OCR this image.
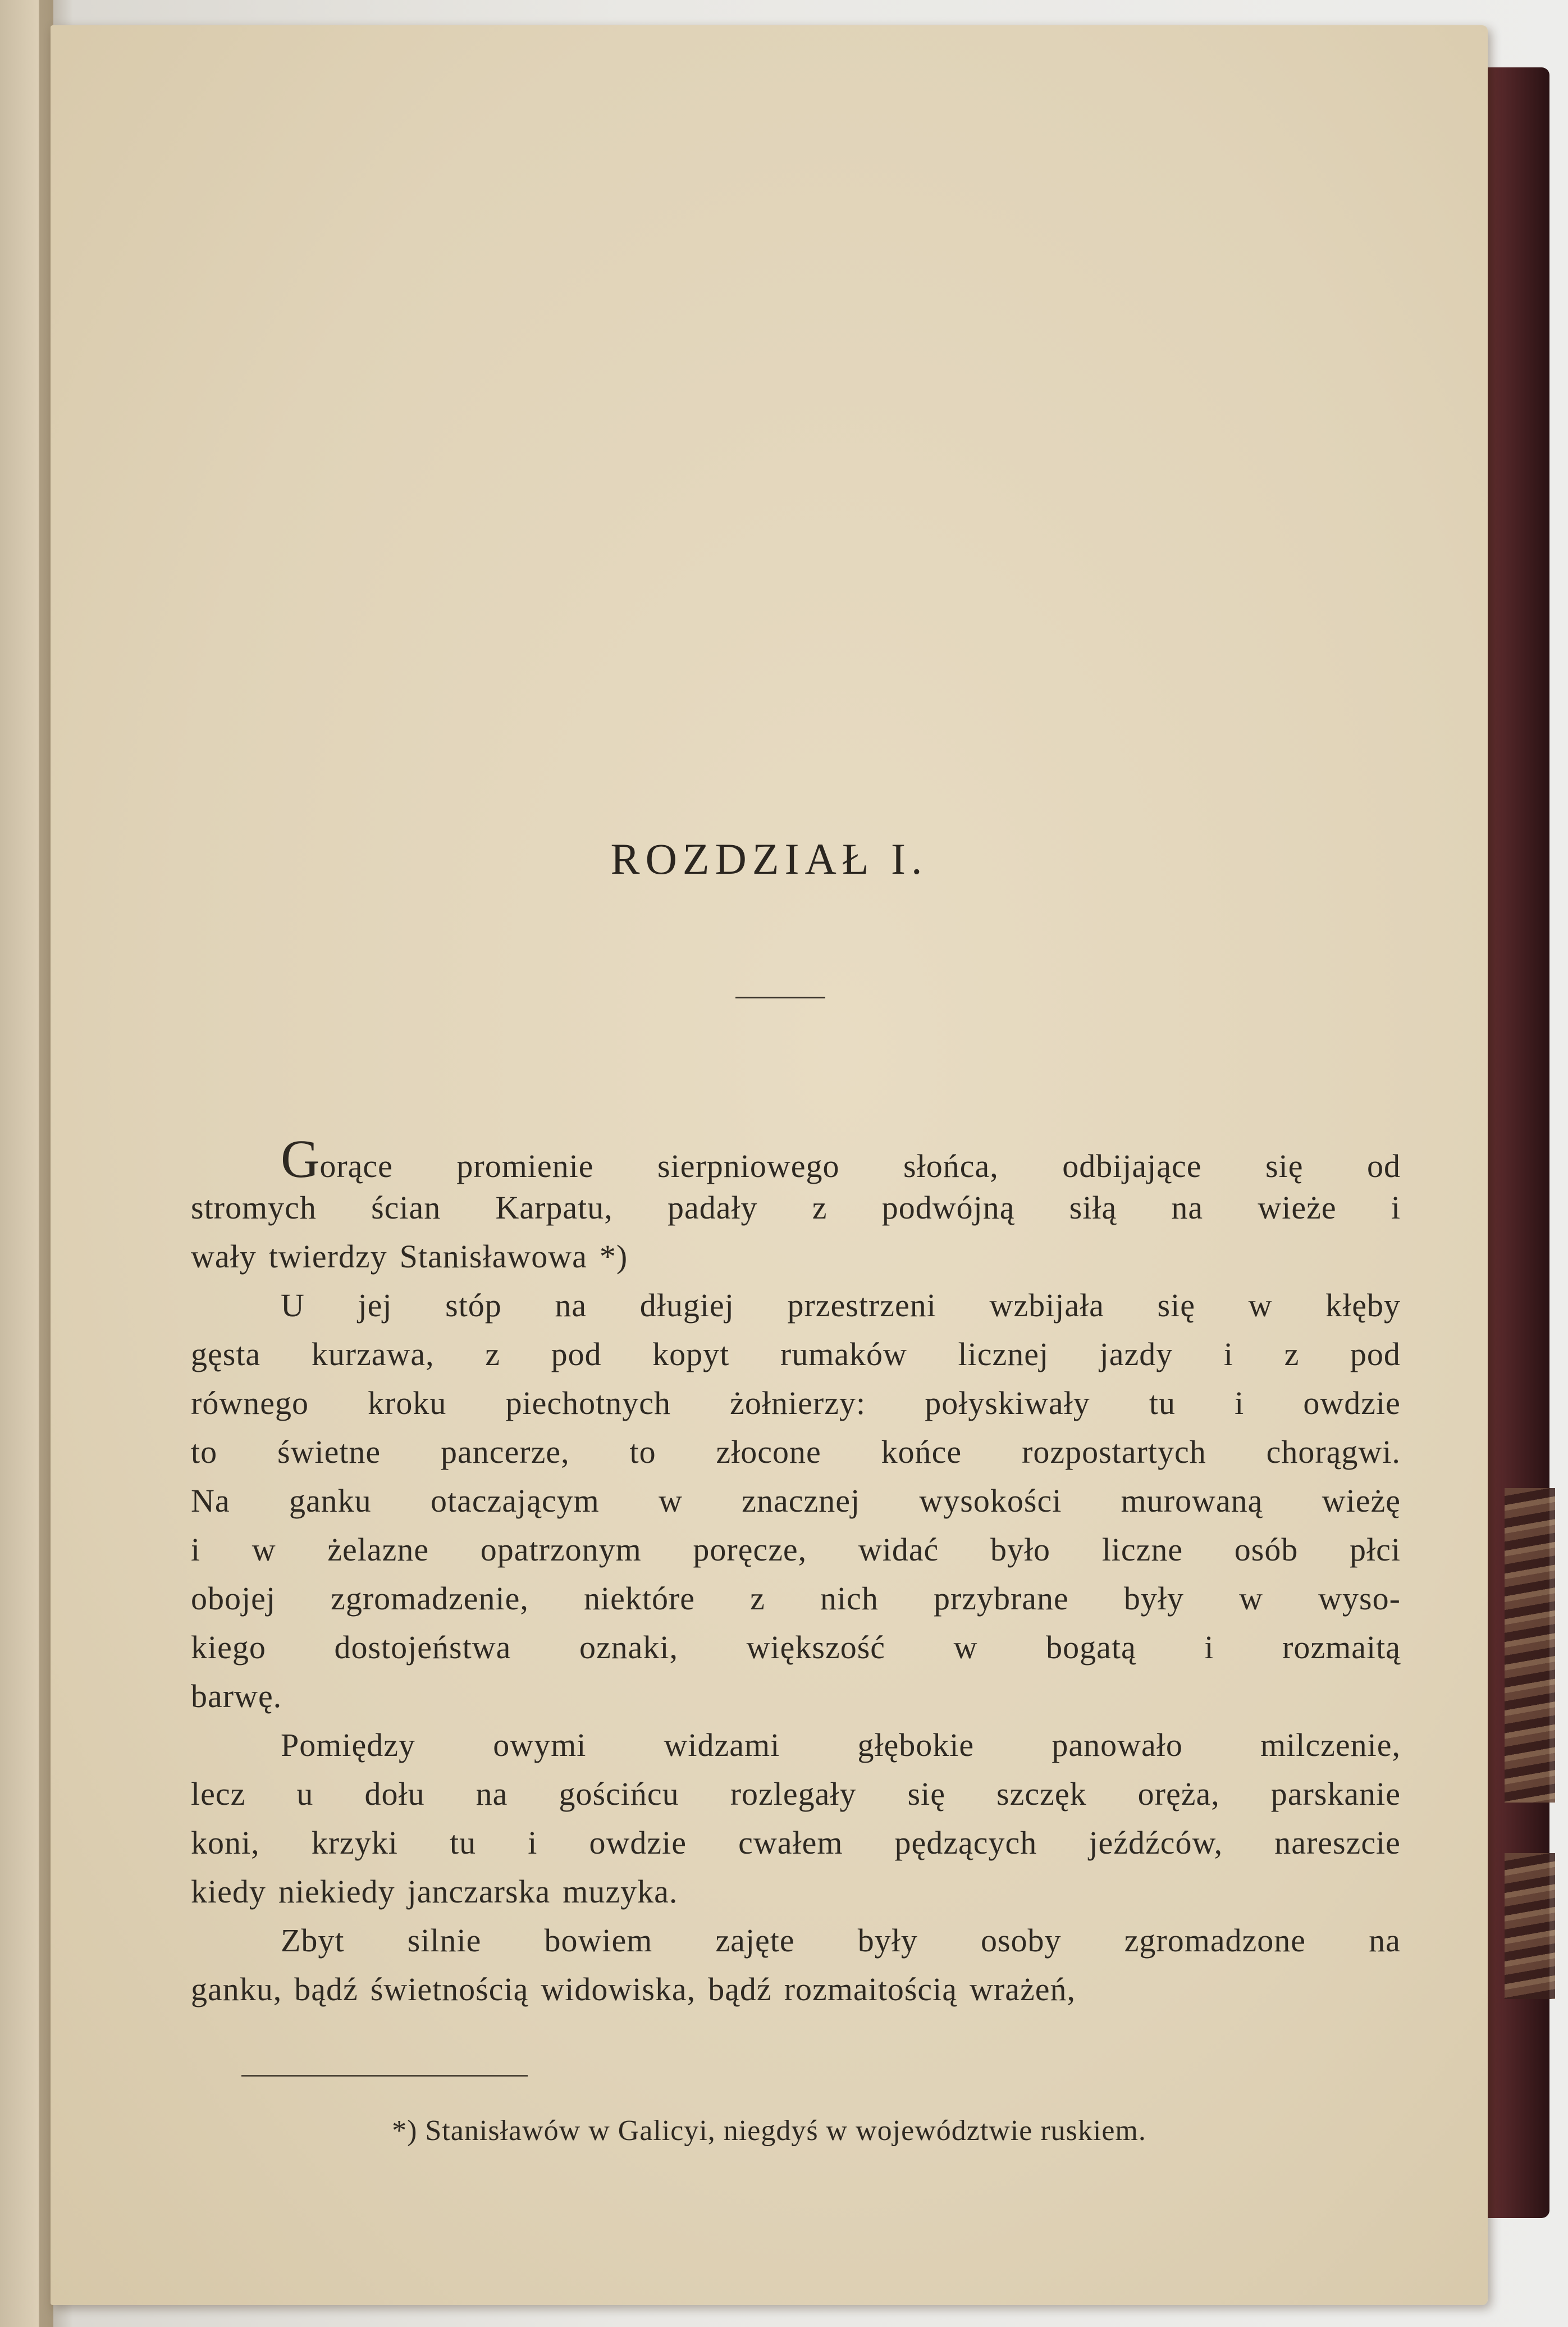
ROZDZIAŁ I.
Gorące promienie sierpniowego słońca, odbijające się od
stromych ścian Karpatu, padały z podwójną siłą na wieże i
wały twierdzy Stanisławowa *)
U jej stóp na długiej przestrzeni wzbijała się w kłęby
gęsta kurzawa, z pod kopyt rumaków licznej jazdy i z pod
równego kroku piechotnych żołnierzy: połyskiwały tu i owdzie
to świetne pancerze, to złocone końce rozpostartych chorągwi.
Na ganku otaczającym w znacznej wysokości murowaną wieżę
i w żelazne opatrzonym poręcze, widać było liczne osób płci
obojej zgromadzenie, niektóre z nich przybrane były w wyso-
kiego dostojeństwa oznaki, większość w bogatą i rozmaitą
barwę.
Pomiędzy owymi widzami głębokie panowało milczenie,
lecz u dołu na gościńcu rozlegały się szczęk oręża, parskanie
koni, krzyki tu i owdzie cwałem pędzących jeźdźców, nareszcie
kiedy niekiedy janczarska muzyka.
Zbyt silnie bowiem zajęte były osoby zgromadzone na
ganku, bądź świetnością widowiska, bądź rozmaitością wrażeń,

*) Stanisławów w Galicyi, niegdyś w województwie ruskiem.
